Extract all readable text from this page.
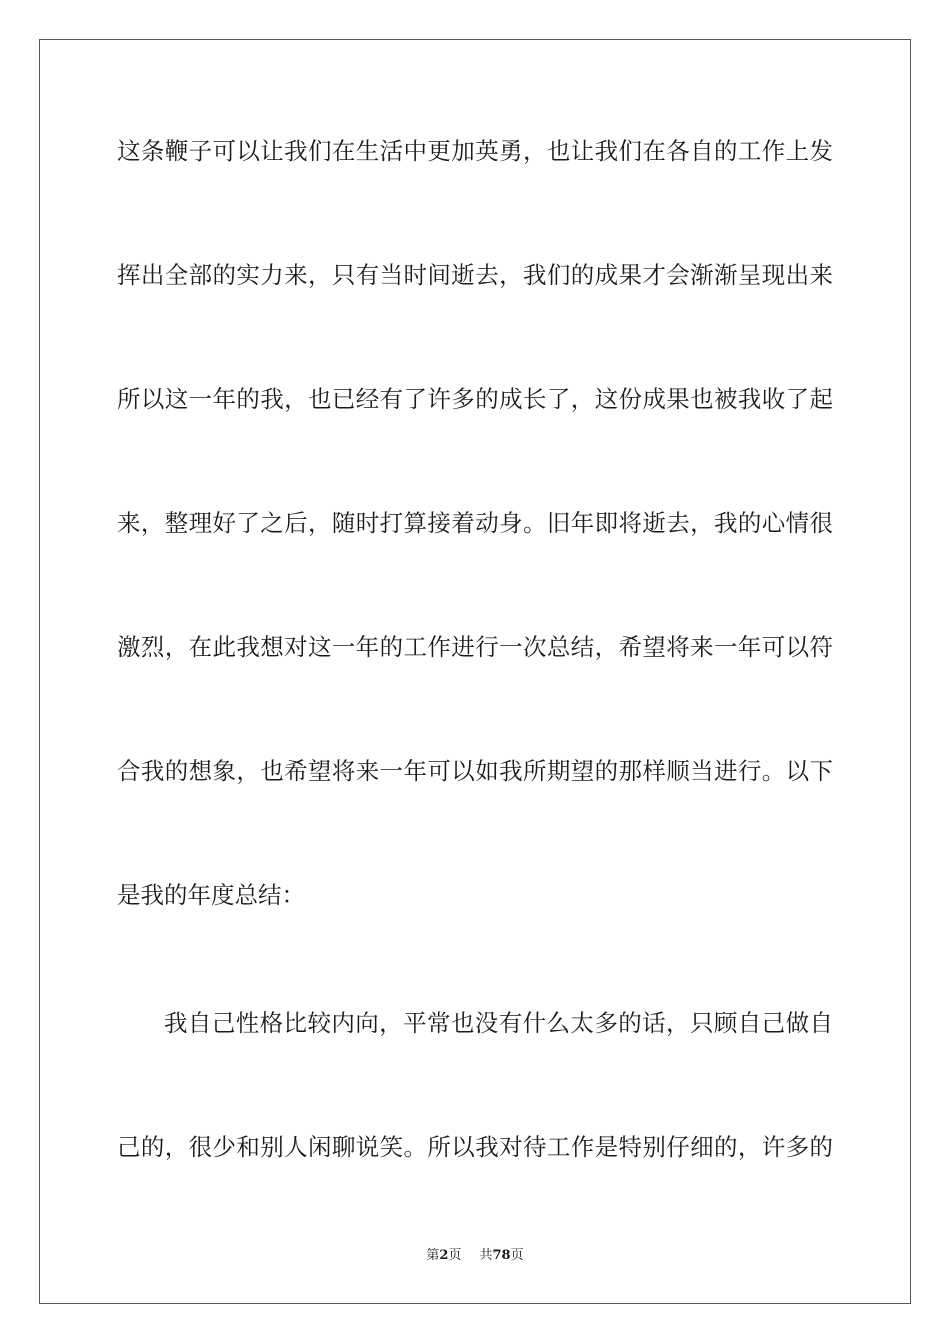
这条鞭子可以让我们在生活中更加英勇，也让我们在各自的工作上发
挥出全部的实力来，只有当时间逝去，我们的成果才会渐渐呈现出来
所以这一年的我，也已经有了许多的成长了，这份成果也被我收了起
来，整理好了之后，随时打算接着动身。旧年即将逝去，我的心情很
激烈，在此我想对这一年的工作进行一次总结，希望将来一年可以符
合我的想象，也希望将来一年可以如我所期望的那样顺当进行。以下
是我的年度总结：
我自己性格比较内向，平常也没有什么太多的话，只顾自己做自
己的，很少和别人闲聊说笑。所以我对待工作是特别仔细的，许多的
第2页 共78页
